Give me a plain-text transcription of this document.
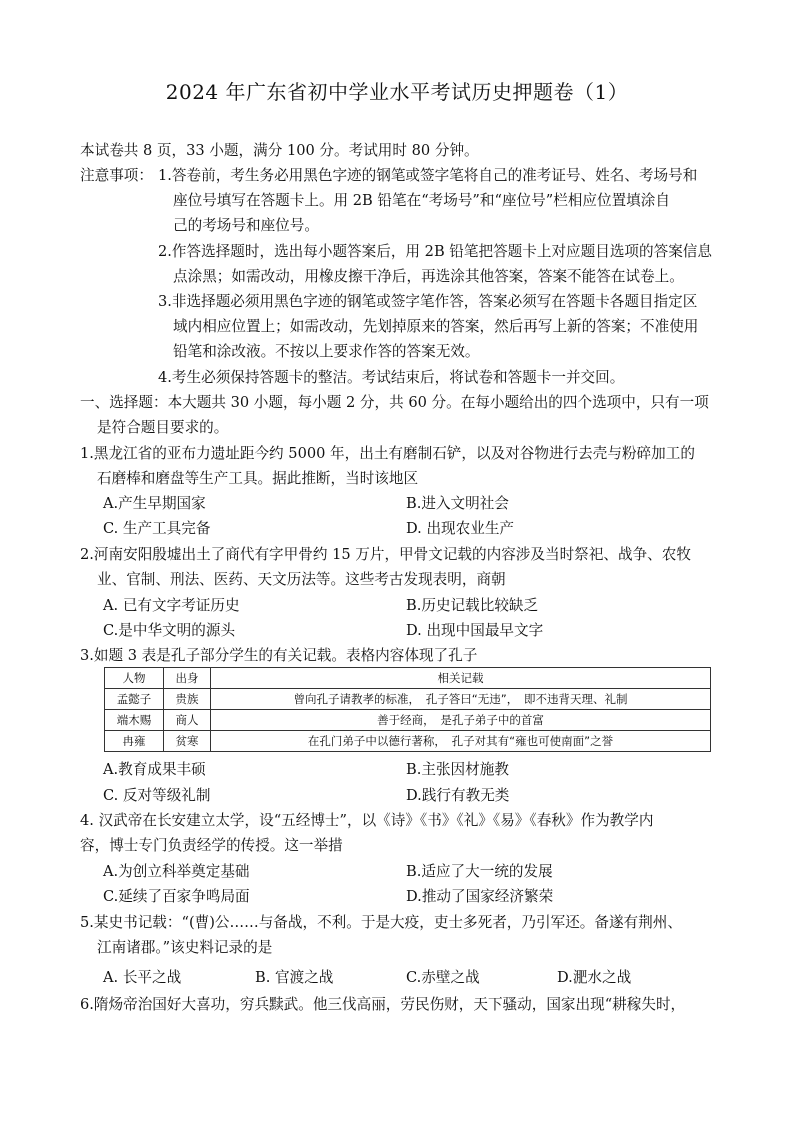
2024 年广东省初中学业水平考试历史押题卷（1）
本试卷共 8 页，33 小题，满分 100 分。考试用时 80 分钟。
注意事项： 1.答卷前，考生务必用黑色字迹的钢笔或签字笔将自己的准考证号、姓名、考场号和
座位号填写在答题卡上。用 2B 铅笔在“考场号”和“座位号”栏相应位置填涂自
己的考场号和座位号。
2.作答选择题时，选出每小题答案后，用 2B 铅笔把答题卡上对应题目选项的答案信息
点涂黑；如需改动，用橡皮擦干净后，再选涂其他答案，答案不能答在试卷上。
3.非选择题必须用黑色字迹的钢笔或签字笔作答，答案必须写在答题卡各题目指定区
域内相应位置上；如需改动，先划掉原来的答案，然后再写上新的答案；不准使用
铅笔和涂改液。不按以上要求作答的答案无效。
4.考生必须保持答题卡的整洁。考试结束后，将试卷和答题卡一并交回。
一、选择题：本大题共 30 小题，每小题 2 分，共 60 分。在每小题给出的四个选项中，只有一项
是符合题目要求的。
1.黑龙江省的亚布力遗址距今约 5000 年，出土有磨制石铲，以及对谷物进行去壳与粉碎加工的
石磨棒和磨盘等生产工具。据此推断，当时该地区
A.产生早期国家	B.进入文明社会
C. 生产工具完备	D. 出现农业生产
2.河南安阳殷墟出土了商代有字甲骨约 15 万片，甲骨文记载的内容涉及当时祭祀、战争、农牧
业、官制、刑法、医药、天文历法等。这些考古发现表明，商朝
A. 已有文字考证历史	B.历史记载比较缺乏
C.是中华文明的源头	D. 出现中国最早文字
3.如题 3 表是孔子部分学生的有关记载。表格内容体现了孔子
人物	出身	相关记载
孟懿子	贵族	曾向孔子请教孝的标准，　孔子答曰“无违”，　即不违背天理、礼制
端木赐	商人	善于经商，　是孔子弟子中的首富
冉雍	贫寒	在孔门弟子中以德行著称，　孔子对其有“雍也可使南面”之誉
A.教育成果丰硕	B.主张因材施教
C. 反对等级礼制	D.践行有教无类
4. 汉武帝在长安建立太学，设“五经博士”，以《诗》《书》《礼》《易》《春秋》作为教学内
容，博士专门负责经学的传授。这一举措
A.为创立科举奠定基础	B.适应了大一统的发展
C.延续了百家争鸣局面	D.推动了国家经济繁荣
5.某史书记载：“(曹)公……与备战，不利。于是大疫，吏士多死者，乃引军还。备遂有荆州、
江南诸郡。”该史料记录的是
A. 长平之战	B. 官渡之战	C.赤壁之战	D.淝水之战
6.隋炀帝治国好大喜功，穷兵黩武。他三伐高丽，劳民伤财，天下骚动，国家出现“耕稼失时，
